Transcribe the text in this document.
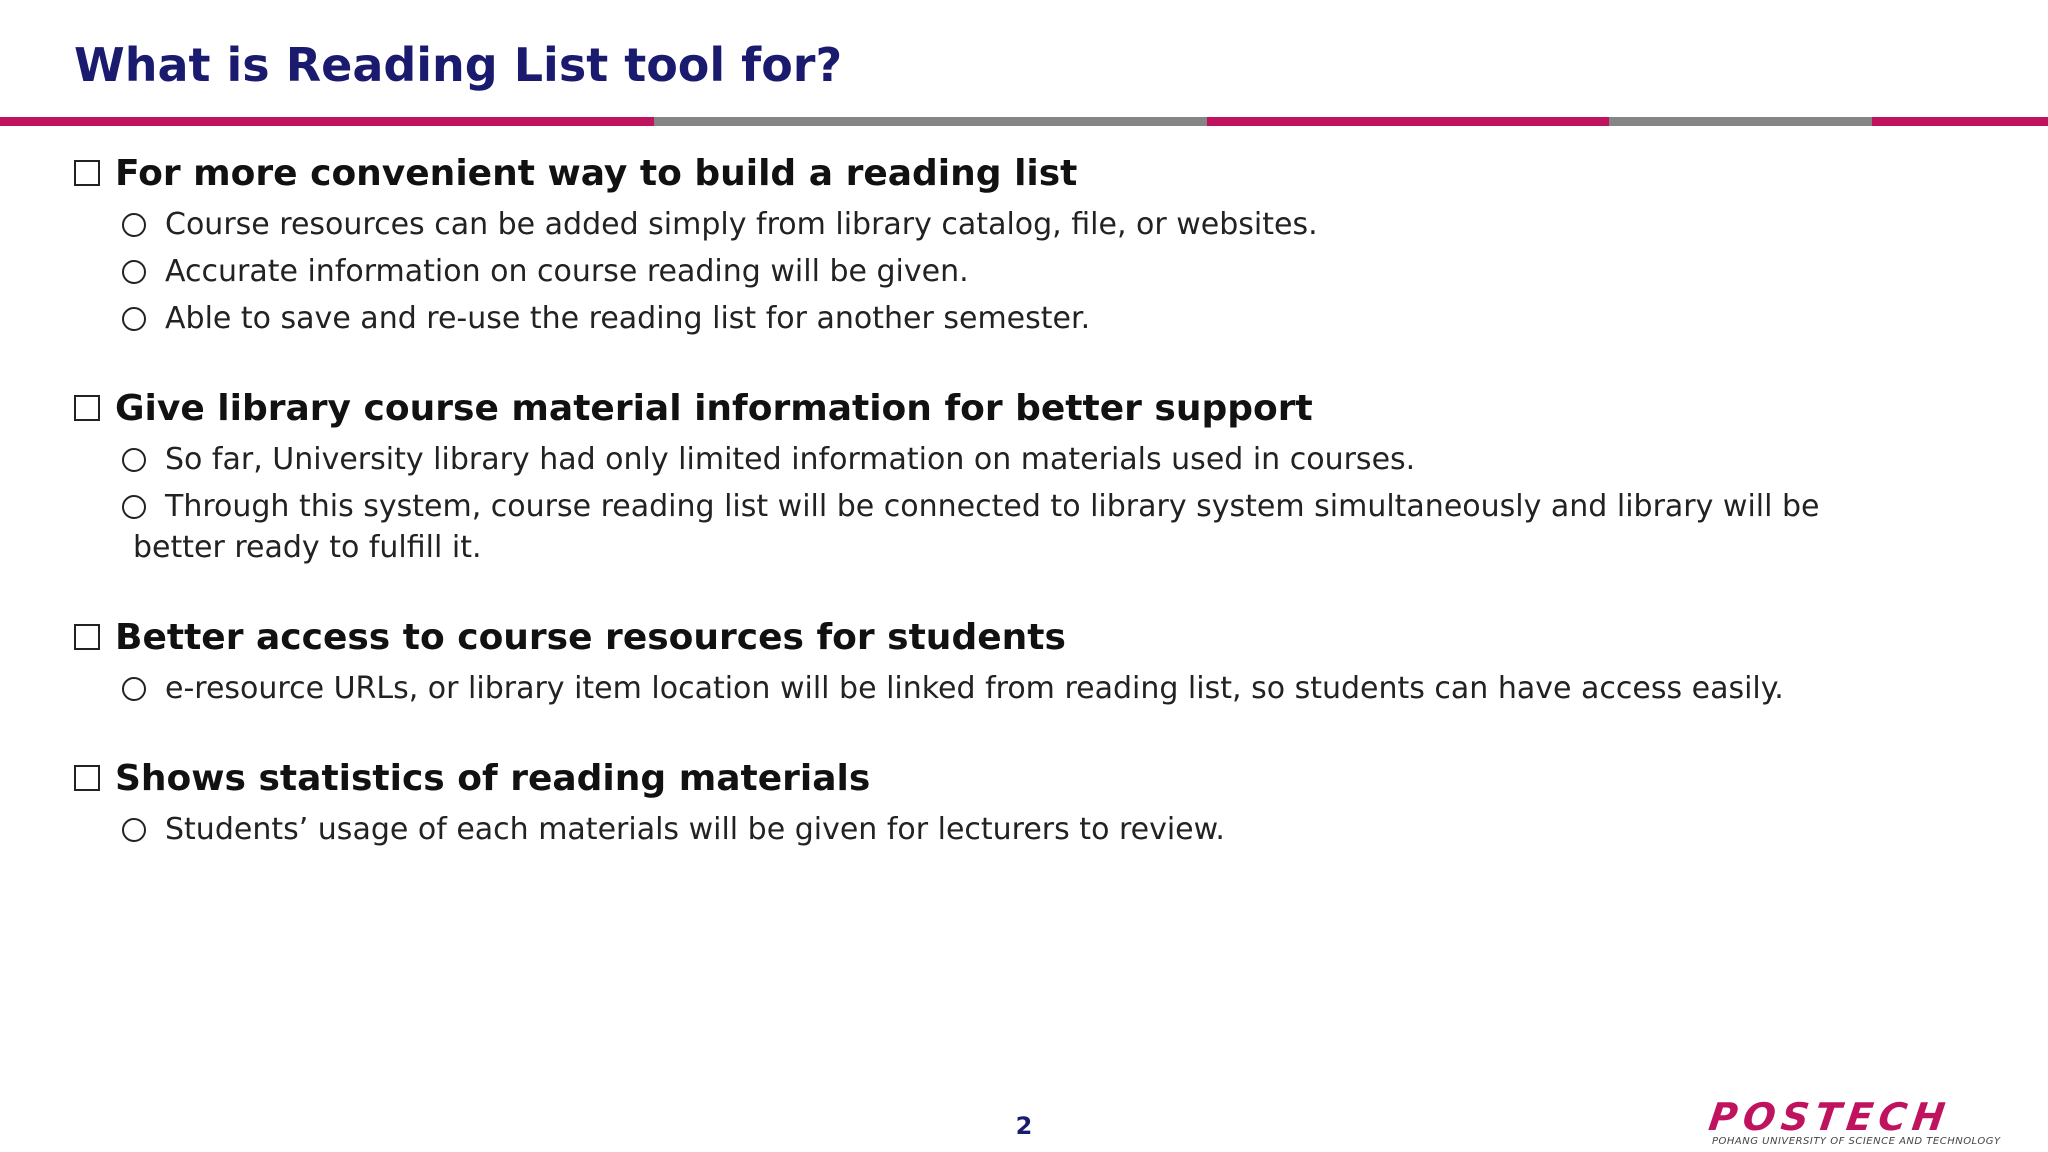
What is Reading List tool for?
For more convenient way to build a reading list
Course resources can be added simply from library catalog, file, or websites.
Accurate information on course reading will be given.
Able to save and re-use the reading list for another semester.
Give library course material information for better support
So far, University library had only limited information on materials used in courses.
Through this system, course reading list will be connected to library system simultaneously and library will be
better ready to fulfill it.
Better access to course resources for students
e-resource URLs, or library item location will be linked from reading list, so students can have access easily.
Shows statistics of reading materials
Students’ usage of each materials will be given for lecturers to review.
2	POSTECH
POHANG UNIVERSITY OF SCIENCE AND TECHNOLOGY
